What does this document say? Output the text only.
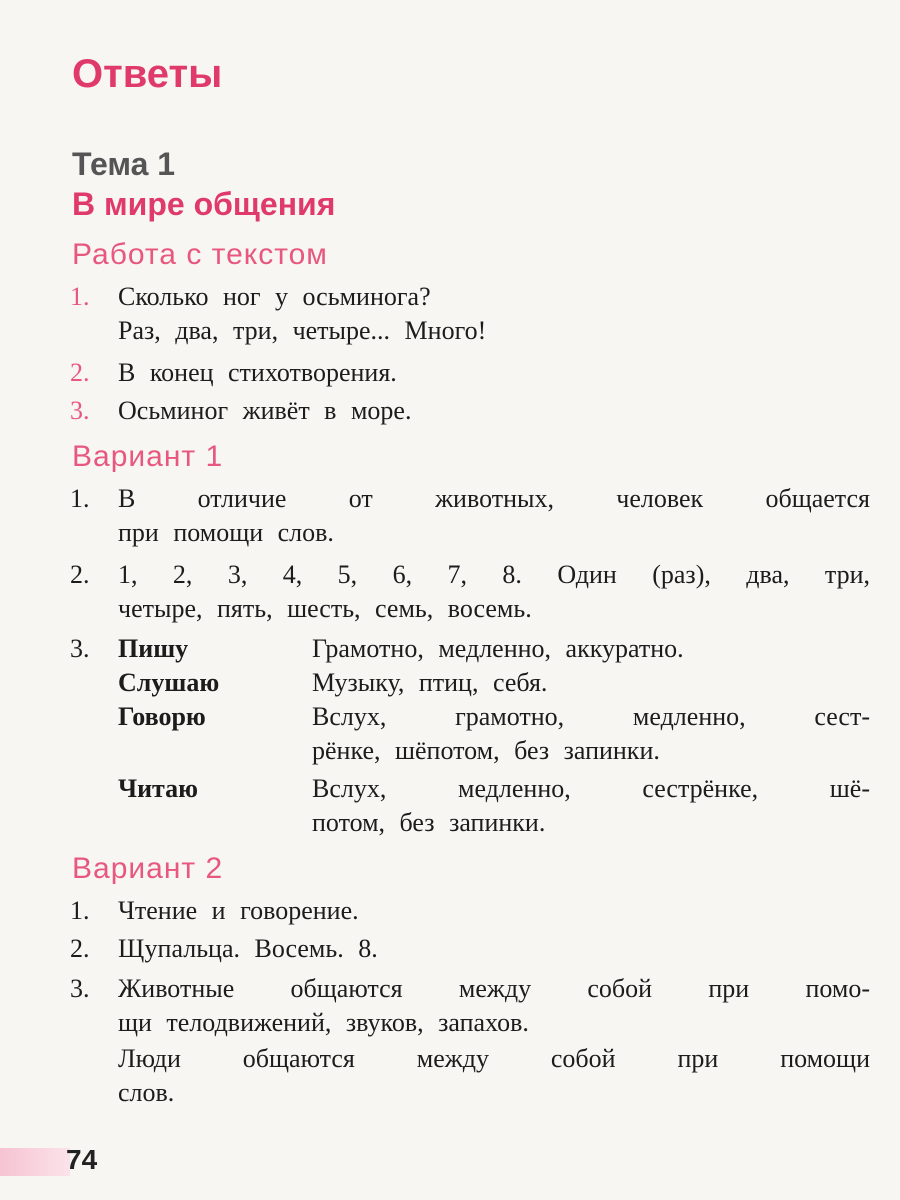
Ответы
Тема 1
В мире общения
Работа с текстом
1. Сколько ног у осьминога?
Раз, два, три, четыре... Много!
2. В конец стихотворения.
3. Осьминог живёт в море.
Вариант 1
1. В отличие от животных, человек общается
при помощи слов.
2. 1, 2, 3, 4, 5, 6, 7, 8. Один (раз), два, три,
четыре, пять, шесть, семь, восемь.
3. Пишу	Грамотно, медленно, аккуратно.
Слушаю	Музыку, птиц, себя.
Говорю	Вслух, грамотно, медленно, сест-
рёнке, шёпотом, без запинки.
Читаю	Вслух, медленно, сестрёнке, шё-
потом, без запинки.
Вариант 2
1. Чтение и говорение.
2. Щупальца. Восемь. 8.
3. Животные общаются между собой при помо-
щи телодвижений, звуков, запахов.
Люди общаются между собой при помощи
слов.
74
